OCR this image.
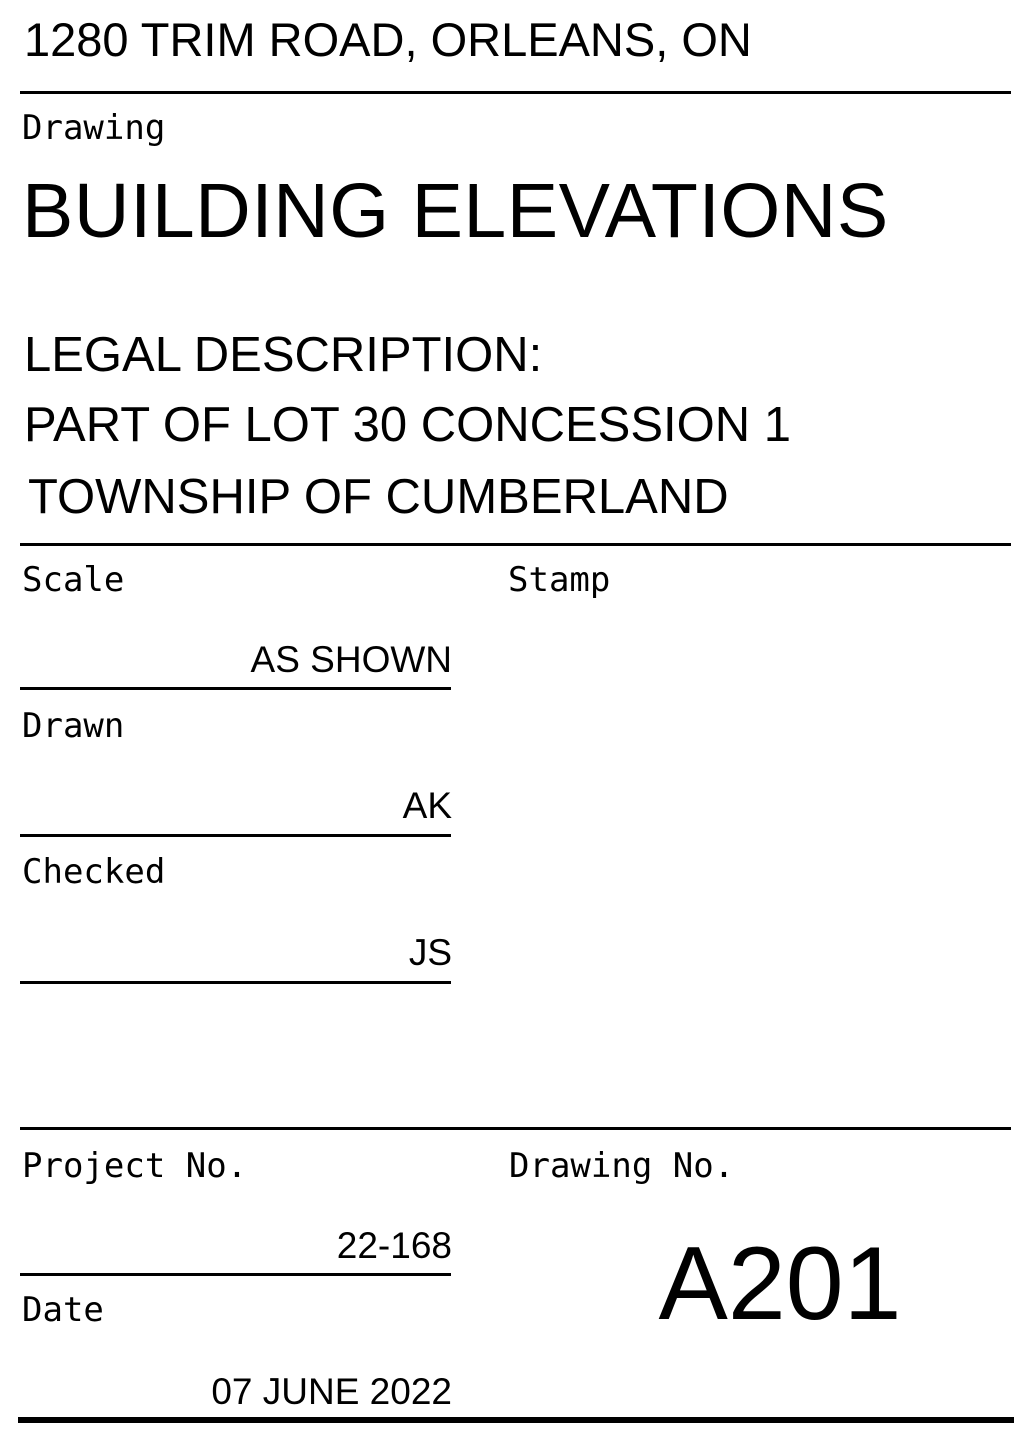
1280 TRIM ROAD, ORLEANS, ON
Drawing
BUILDING ELEVATIONS
LEGAL DESCRIPTION:
PART OF LOT 30 CONCESSION 1
TOWNSHIP OF CUMBERLAND
Scale	Stamp
AS SHOWN
Drawn
AK
Checked
JS
Project No.	Drawing No.
22-168	A201
Date
07 JUNE 2022
